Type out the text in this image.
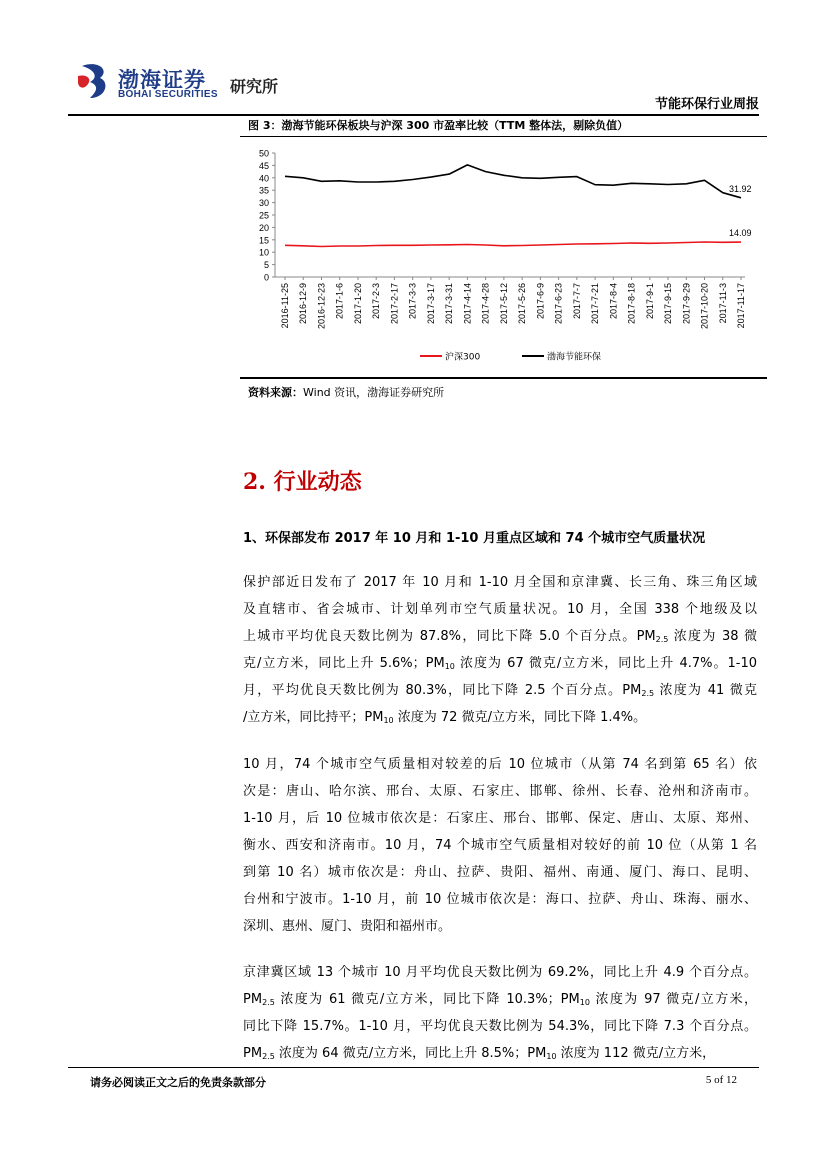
渤海证券
BOHAI SECURITIES 研究所
节能环保行业周报
图 3：渤海节能环保板块与沪深 300 市盈率比较（TTM 整体法，剔除负值）
0
5
10
15
20
25
30
35
40
45
50
2016-11-25 2016-12-9 2016-12-23 2017-1-6 2017-1-20 2017-2-3 2017-2-17 2017-3-3 2017-3-17 2017-3-31 2017-4-14 2017-4-28 2017-5-12 2017-5-26 2017-6-9 2017-6-23 2017-7-7 2017-7-21 2017-8-4 2017-8-18 2017-9-1 2017-9-15 2017-9-29 2017-10-20 2017-11-3 2017-11-17
14.09
31.92
沪深300	渤海节能环保
资料来源：Wind 资讯，渤海证券研究所
2. 行业动态
1、环保部发布 2017 年 10 月和 1-10 月重点区域和 74 个城市空气质量状况
保护部近日发布了 2017 年 10 月和 1-10 月全国和京津冀、长三角、珠三角区域
及直辖市、省会城市、计划单列市空气质量状况。10 月，全国 338 个地级及以
上城市平均优良天数比例为 87.8%，同比下降 5.0 个百分点。$PM_{2.5}$ 浓度为 38 微
克/立方米，同比上升 5.6%；$PM_{10}$ 浓度为 67 微克/立方米，同比上升 4.7%。1-10
月，平均优良天数比例为 80.3%，同比下降 2.5 个百分点。$PM_{2.5}$ 浓度为 41 微克
/立方米，同比持平；$PM_{10}$ 浓度为 72 微克/立方米，同比下降 1.4%。
10 月，74 个城市空气质量相对较差的后 10 位城市（从第 74 名到第 65 名）依
次是：唐山、哈尔滨、邢台、太原、石家庄、邯郸、徐州、长春、沧州和济南市。
1-10 月，后 10 位城市依次是：石家庄、邢台、邯郸、保定、唐山、太原、郑州、
衡水、西安和济南市。10 月，74 个城市空气质量相对较好的前 10 位（从第 1 名
到第 10 名）城市依次是：舟山、拉萨、贵阳、福州、南通、厦门、海口、昆明、
台州和宁波市。1-10 月，前 10 位城市依次是：海口、拉萨、舟山、珠海、丽水、
深圳、惠州、厦门、贵阳和福州市。
京津冀区域 13 个城市 10 月平均优良天数比例为 69.2%，同比上升 4.9 个百分点。
$PM_{2.5}$ 浓度为 61 微克/立方米，同比下降 10.3%；$PM_{10}$ 浓度为 97 微克/立方米，
同比下降 15.7%。1-10 月，平均优良天数比例为 54.3%，同比下降 7.3 个百分点。
$PM_{2.5}$ 浓度为 64 微克/立方米，同比上升 8.5%；$PM_{10}$ 浓度为 112 微克/立方米，
请务必阅读正文之后的免责条款部分	5 of 12
